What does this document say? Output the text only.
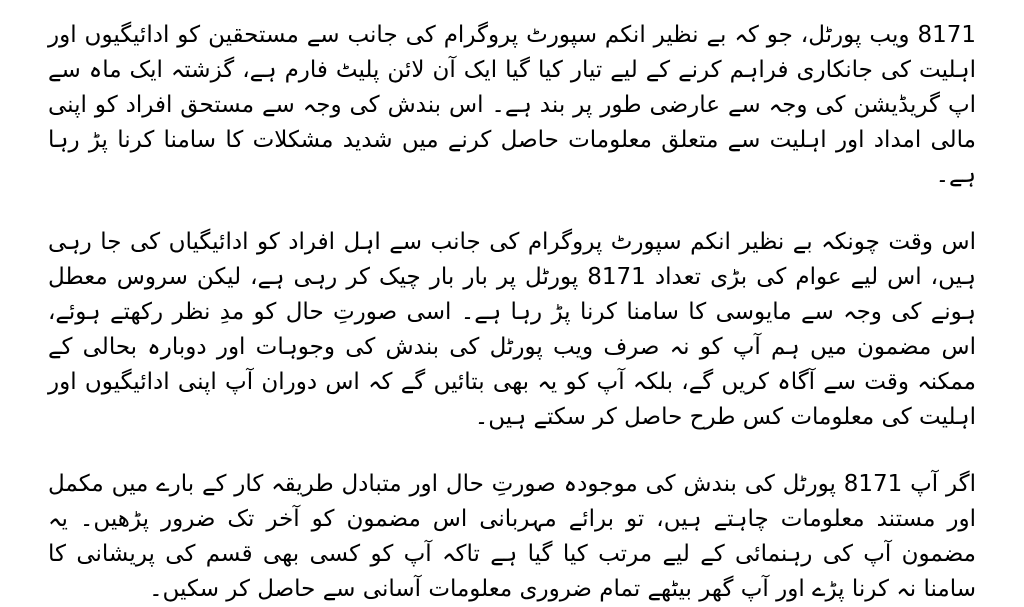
8171 ویب پورٹل، جو کہ بے نظیر انکم سپورٹ پروگرام کی جانب سے مستحقین کو ادائیگیوں اور اہلیت کی جانکاری فراہم کرنے کے لیے تیار کیا گیا ایک آن لائن پلیٹ فارم ہے، گزشتہ ایک ماہ سے اپ گریڈیشن کی وجہ سے عارضی طور پر بند ہے۔ اس بندش کی وجہ سے مستحق افراد کو اپنی مالی امداد اور اہلیت سے متعلق معلومات حاصل کرنے میں شدید مشکلات کا سامنا کرنا پڑ رہا ہے۔

اس وقت چونکہ بے نظیر انکم سپورٹ پروگرام کی جانب سے اہل افراد کو ادائیگیاں کی جا رہی ہیں، اس لیے عوام کی بڑی تعداد 8171 پورٹل پر بار بار چیک کر رہی ہے، لیکن سروس معطل ہونے کی وجہ سے مایوسی کا سامنا کرنا پڑ رہا ہے۔ اسی صورتِ حال کو مدِ نظر رکھتے ہوئے، اس مضمون میں ہم آپ کو نہ صرف ویب پورٹل کی بندش کی وجوہات اور دوبارہ بحالی کے ممکنہ وقت سے آگاہ کریں گے، بلکہ آپ کو یہ بھی بتائیں گے کہ اس دوران آپ اپنی ادائیگیوں اور اہلیت کی معلومات کس طرح حاصل کر سکتے ہیں۔

اگر آپ 8171 پورٹل کی بندش کی موجودہ صورتِ حال اور متبادل طریقہ کار کے بارے میں مکمل اور مستند معلومات چاہتے ہیں، تو برائے مہربانی اس مضمون کو آخر تک ضرور پڑھیں۔ یہ مضمون آپ کی رہنمائی کے لیے مرتب کیا گیا ہے تاکہ آپ کو کسی بھی قسم کی پریشانی کا سامنا نہ کرنا پڑے اور آپ گھر بیٹھے تمام ضروری معلومات آسانی سے حاصل کر سکیں۔
